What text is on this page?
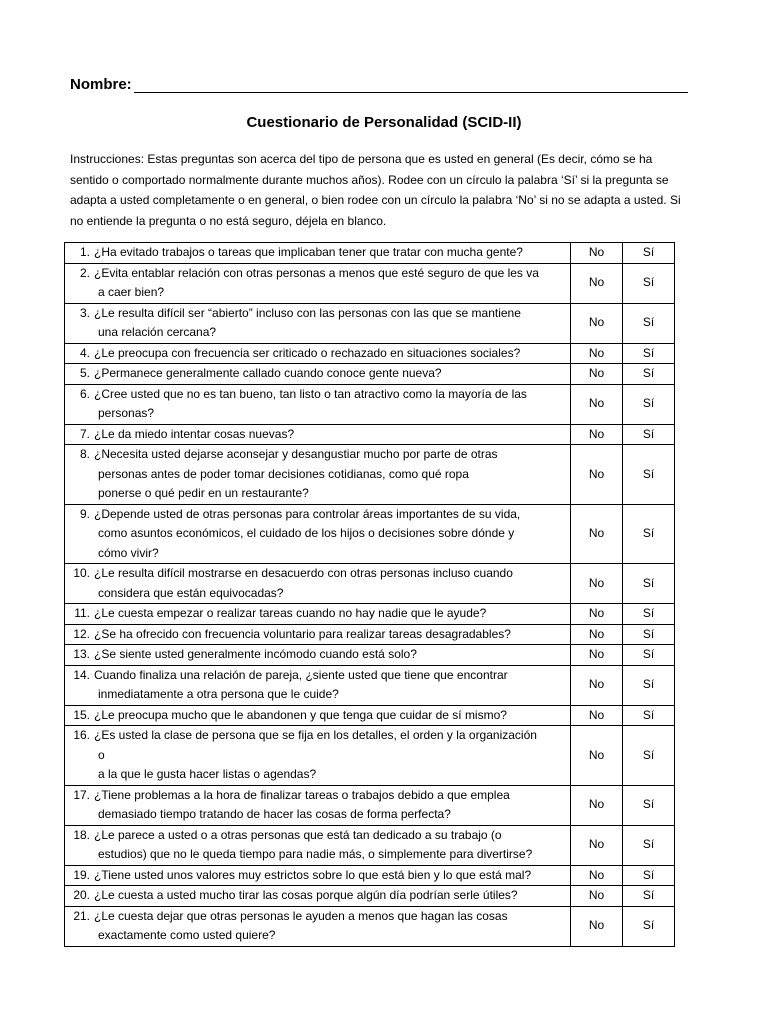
Nombre:
Cuestionario de Personalidad (SCID-II)
Instrucciones: Estas preguntas son acerca del tipo de persona que es usted en general (Es decir, cómo se ha sentido o comportado normalmente durante muchos años). Rodee con un círculo la palabra ‘Sí’ si la pregunta se adapta a usted completamente o en general, o bien rodee con un círculo la palabra ‘No’ si no se adapta a usted. Si no entiende la pregunta o no está seguro, déjela en blanco.
1. ¿Ha evitado trabajos o tareas que implicaban tener que tratar con mucha gente?	No	Sí

2. ¿Evita entablar relación con otras personas a menos que esté seguro de que les va
a caer bien?	No	Sí

3. ¿Le resulta difícil ser “abierto” incluso con las personas con las que se mantiene
una relación cercana?	No	Sí

4. ¿Le preocupa con frecuencia ser criticado o rechazado en situaciones sociales?	No	Sí

5. ¿Permanece generalmente callado cuando conoce gente nueva?	No	Sí

6. ¿Cree usted que no es tan bueno, tan listo o tan atractivo como la mayoría de las
personas?	No	Sí

7. ¿Le da miedo intentar cosas nuevas?	No	Sí

8. ¿Necesita usted dejarse aconsejar y desangustiar mucho por parte de otras
personas antes de poder tomar decisiones cotidianas, como qué ropa
ponerse o qué pedir en un restaurante?	No	Sí

9. ¿Depende usted de otras personas para controlar áreas importantes de su vida,
como asuntos económicos, el cuidado de los hijos o decisiones sobre dónde y
cómo vivir?	No	Sí

10. ¿Le resulta difícil mostrarse en desacuerdo con otras personas incluso cuando
considera que están equivocadas?	No	Sí

11. ¿Le cuesta empezar o realizar tareas cuando no hay nadie que le ayude?	No	Sí

12. ¿Se ha ofrecido con frecuencia voluntario para realizar tareas desagradables?	No	Sí

13. ¿Se siente usted generalmente incómodo cuando está solo?	No	Sí

14. Cuando finaliza una relación de pareja, ¿siente usted que tiene que encontrar
inmediatamente a otra persona que le cuide?	No	Sí

15. ¿Le preocupa mucho que le abandonen y que tenga que cuidar de sí mismo?	No	Sí

16. ¿Es usted la clase de persona que se fija en los detalles, el orden y la organización
o
a la que le gusta hacer listas o agendas?	No	Sí

17. ¿Tiene problemas a la hora de finalizar tareas o trabajos debido a que emplea
demasiado tiempo tratando de hacer las cosas de forma perfecta?	No	Sí

18. ¿Le parece a usted o a otras personas que está tan dedicado a su trabajo (o
estudios) que no le queda tiempo para nadie más, o simplemente para divertirse?	No	Sí

19. ¿Tiene usted unos valores muy estrictos sobre lo que está bien y lo que está mal?	No	Sí

20. ¿Le cuesta a usted mucho tirar las cosas porque algún día podrían serle útiles?	No	Sí

21. ¿Le cuesta dejar que otras personas le ayuden a menos que hagan las cosas
exactamente como usted quiere?	No	Sí
